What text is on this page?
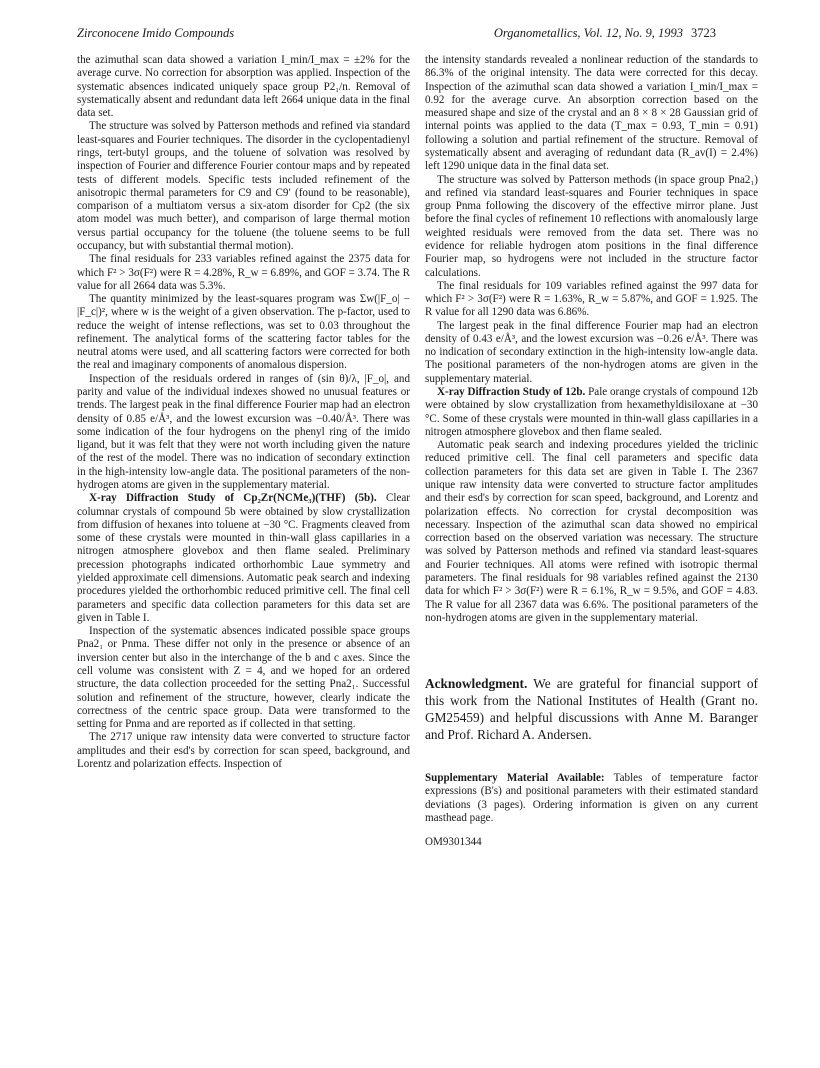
Zirconocene Imido Compounds	Organometallics, Vol. 12, No. 9, 1993 3723

the azimuthal scan data showed a variation I_min/I_max = ±2% for the average curve. No correction for absorption was applied. Inspection of the systematic absences indicated uniquely space group P2₁/n. Removal of systematically absent and redundant data left 2664 unique data in the final data set.

The structure was solved by Patterson methods and refined via standard least-squares and Fourier techniques. The disorder in the cyclopentadienyl rings, tert-butyl groups, and the toluene of solvation was resolved by inspection of Fourier and difference Fourier contour maps and by repeated tests of different models. Specific tests included refinement of the anisotropic thermal parameters for C9 and C9′ (found to be reasonable), comparison of a multiatom versus a six-atom disorder for Cp2 (the six atom model was much better), and comparison of large thermal motion versus partial occupancy for the toluene (the toluene seems to be full occupancy, but with substantial thermal motion).

The final residuals for 233 variables refined against the 2375 data for which F² > 3σ(F²) were R = 4.28%, R_w = 6.89%, and GOF = 3.74. The R value for all 2664 data was 5.3%.

The quantity minimized by the least-squares program was Σw(|F_o| − |F_c|)², where w is the weight of a given observation. The p-factor, used to reduce the weight of intense reflections, was set to 0.03 throughout the refinement. The analytical forms of the scattering factor tables for the neutral atoms were used, and all scattering factors were corrected for both the real and imaginary components of anomalous dispersion.

Inspection of the residuals ordered in ranges of (sin θ)/λ, |F_o|, and parity and value of the individual indexes showed no unusual features or trends. The largest peak in the final difference Fourier map had an electron density of 0.85 e/Å³, and the lowest excursion was −0.40/Å³. There was some indication of the four hydrogens on the phenyl ring of the imido ligand, but it was felt that they were not worth including given the nature of the rest of the model. There was no indication of secondary extinction in the high-intensity low-angle data. The positional parameters of the non-hydrogen atoms are given in the supplementary material.

X-ray Diffraction Study of Cp₂Zr(NCMe₃)(THF) (5b). Clear columnar crystals of compound 5b were obtained by slow crystallization from diffusion of hexanes into toluene at −30 °C. Fragments cleaved from some of these crystals were mounted in thin-wall glass capillaries in a nitrogen atmosphere glovebox and then flame sealed. Preliminary precession photographs indicated orthorhombic Laue symmetry and yielded approximate cell dimensions. Automatic peak search and indexing procedures yielded the orthorhombic reduced primitive cell. The final cell parameters and specific data collection parameters for this data set are given in Table I.

Inspection of the systematic absences indicated possible space groups Pna2₁ or Pnma. These differ not only in the presence or absence of an inversion center but also in the interchange of the b and c axes. Since the cell volume was consistent with Z = 4, and we hoped for an ordered structure, the data collection proceeded for the setting Pna2₁. Successful solution and refinement of the structure, however, clearly indicate the correctness of the centric space group. Data were transformed to the setting for Pnma and are reported as if collected in that setting.

The 2717 unique raw intensity data were converted to structure factor amplitudes and their esd's by correction for scan speed, background, and Lorentz and polarization effects. Inspection of

the intensity standards revealed a nonlinear reduction of the standards to 86.3% of the original intensity. The data were corrected for this decay. Inspection of the azimuthal scan data showed a variation I_min/I_max = 0.92 for the average curve. An absorption correction based on the measured shape and size of the crystal and an 8 × 8 × 28 Gaussian grid of internal points was applied to the data (T_max = 0.93, T_min = 0.91) following a solution and partial refinement of the structure. Removal of systematically absent and averaging of redundant data (R_av(I) = 2.4%) left 1290 unique data in the final data set.

The structure was solved by Patterson methods (in space group Pna2₁) and refined via standard least-squares and Fourier techniques in space group Pnma following the discovery of the effective mirror plane. Just before the final cycles of refinement 10 reflections with anomalously large weighted residuals were removed from the data set. There was no evidence for reliable hydrogen atom positions in the final difference Fourier map, so hydrogens were not included in the structure factor calculations.

The final residuals for 109 variables refined against the 997 data for which F² > 3σ(F²) were R = 1.63%, R_w = 5.87%, and GOF = 1.925. The R value for all 1290 data was 6.86%.

The largest peak in the final difference Fourier map had an electron density of 0.43 e/Å³, and the lowest excursion was −0.26 e/Å³. There was no indication of secondary extinction in the high-intensity low-angle data. The positional parameters of the non-hydrogen atoms are given in the supplementary material.

X-ray Diffraction Study of 12b. Pale orange crystals of compound 12b were obtained by slow crystallization from hexamethyldisiloxane at −30 °C. Some of these crystals were mounted in thin-wall glass capillaries in a nitrogen atmosphere glovebox and then flame sealed.

Automatic peak search and indexing procedures yielded the triclinic reduced primitive cell. The final cell parameters and specific data collection parameters for this data set are given in Table I. The 2367 unique raw intensity data were converted to structure factor amplitudes and their esd's by correction for scan speed, background, and Lorentz and polarization effects. No correction for crystal decomposition was necessary. Inspection of the azimuthal scan data showed no empirical correction based on the observed variation was necessary. The structure was solved by Patterson methods and refined via standard least-squares and Fourier techniques. All atoms were refined with isotropic thermal parameters. The final residuals for 98 variables refined against the 2130 data for which F² > 3σ(F²) were R = 6.1%, R_w = 9.5%, and GOF = 4.83. The R value for all 2367 data was 6.6%. The positional parameters of the non-hydrogen atoms are given in the supplementary material.

Acknowledgment. We are grateful for financial support of this work from the National Institutes of Health (Grant no. GM25459) and helpful discussions with Anne M. Baranger and Prof. Richard A. Andersen.
Supplementary Material Available: Tables of temperature factor expressions (B's) and positional parameters with their estimated standard deviations (3 pages). Ordering information is given on any current masthead page.
OM9301344
